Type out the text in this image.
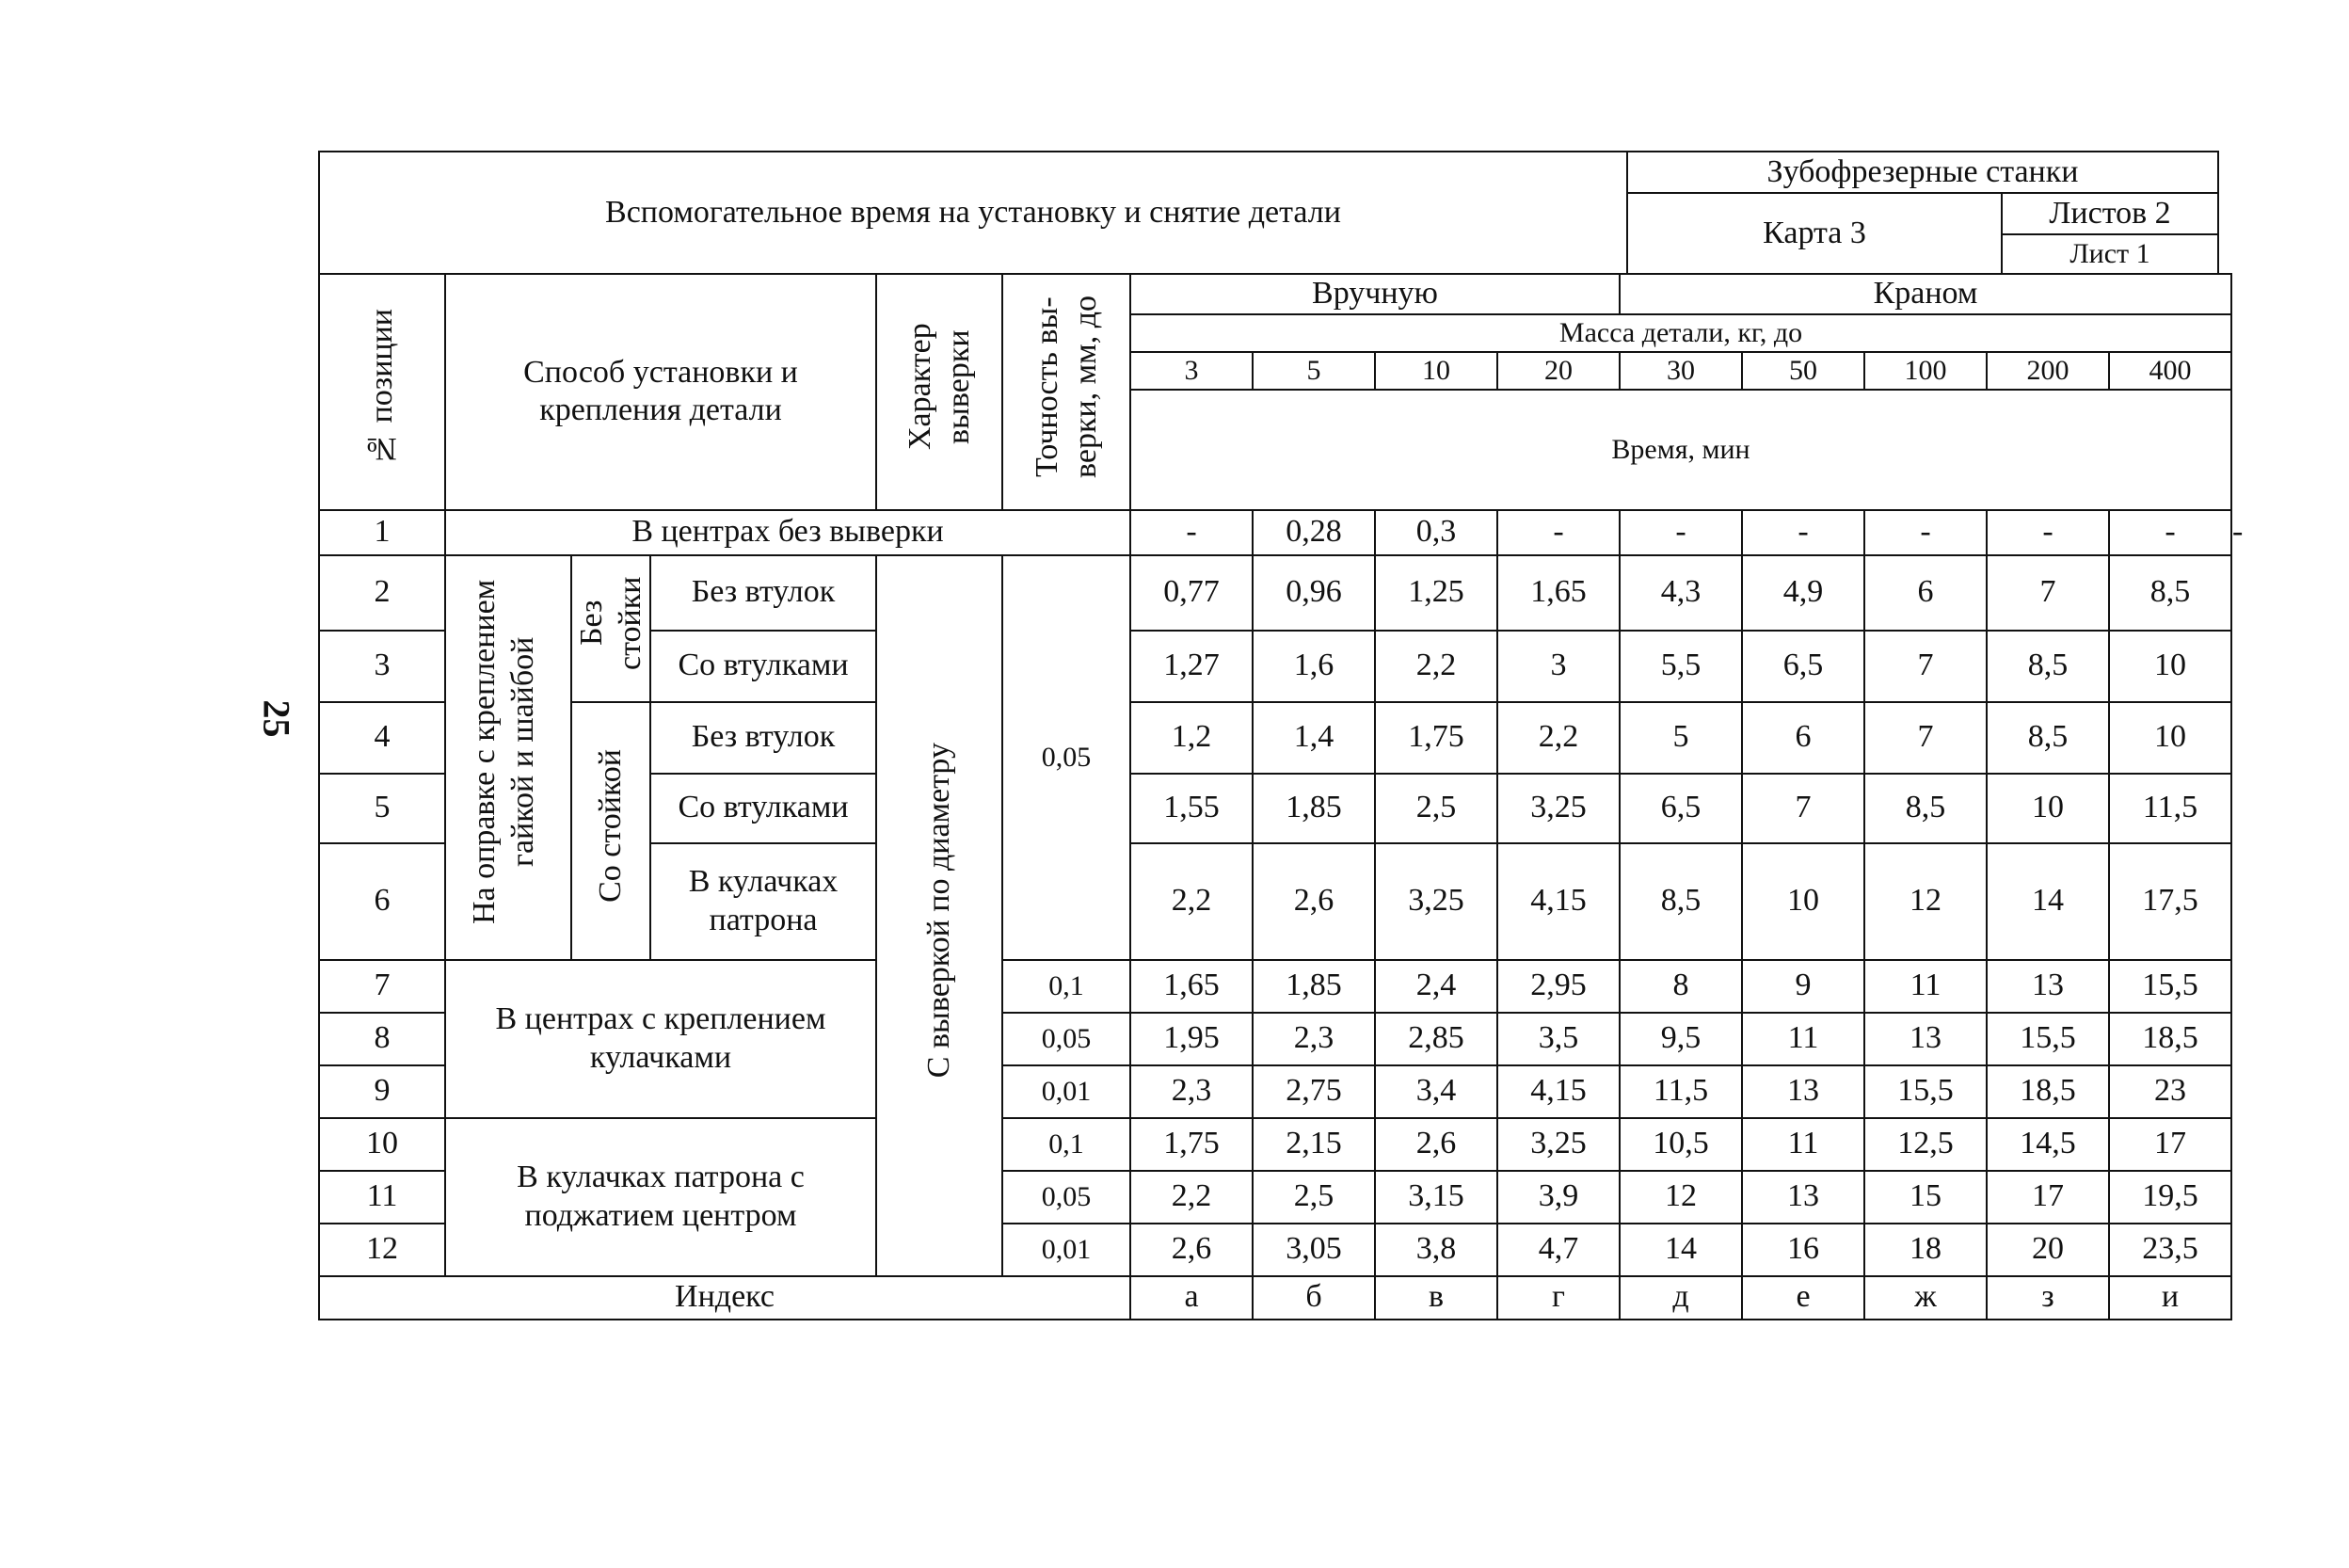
25
Вспомогательное время на установку и снятие детали	Зубофрезерные станки	
	Карта 3	Листов 2
		Лист 1
№ позиции	Способ установки и крепления детали			Характер выверки	Точность вы-верки, мм, до	Вручную				Краном					
						Масса детали, кг, до									
						3	5	10	20	30	50	100	200	400	
						Время, мин									
1	В центрах без выверки					-	0,28	0,3	-	-	-	-	-	-	-
2	На оправке с креплением гайкой и шайбой	Без стойки	Без втулок	С выверкой по диаметру	0,05	0,77	0,96	1,25	1,65	4,3	4,9	6	7	8,5	
3			Со втулками			1,27	1,6	2,2	3	5,5	6,5	7	8,5	10	
4		Со стойкой	Без втулок			1,2	1,4	1,75	2,2	5	6	7	8,5	10	
5			Со втулками			1,55	1,85	2,5	3,25	6,5	7	8,5	10	11,5	
6			В кулачках патрона			2,2	2,6	3,25	4,15	8,5	10	12	14	17,5	
7	В центрах с креплением кулачками				0,1	1,65	1,85	2,4	2,95	8	9	11	13	15,5	
8					0,05	1,95	2,3	2,85	3,5	9,5	11	13	15,5	18,5	
9					0,01	2,3	2,75	3,4	4,15	11,5	13	15,5	18,5	23	
10	В кулачках патрона с поджатием центром				0,1	1,75	2,15	2,6	3,25	10,5	11	12,5	14,5	17	
11					0,05	2,2	2,5	3,15	3,9	12	13	15	17	19,5	
12					0,01	2,6	3,05	3,8	4,7	14	16	18	20	23,5	
Индекс						а	б	в	г	д	е	ж	з	и	
